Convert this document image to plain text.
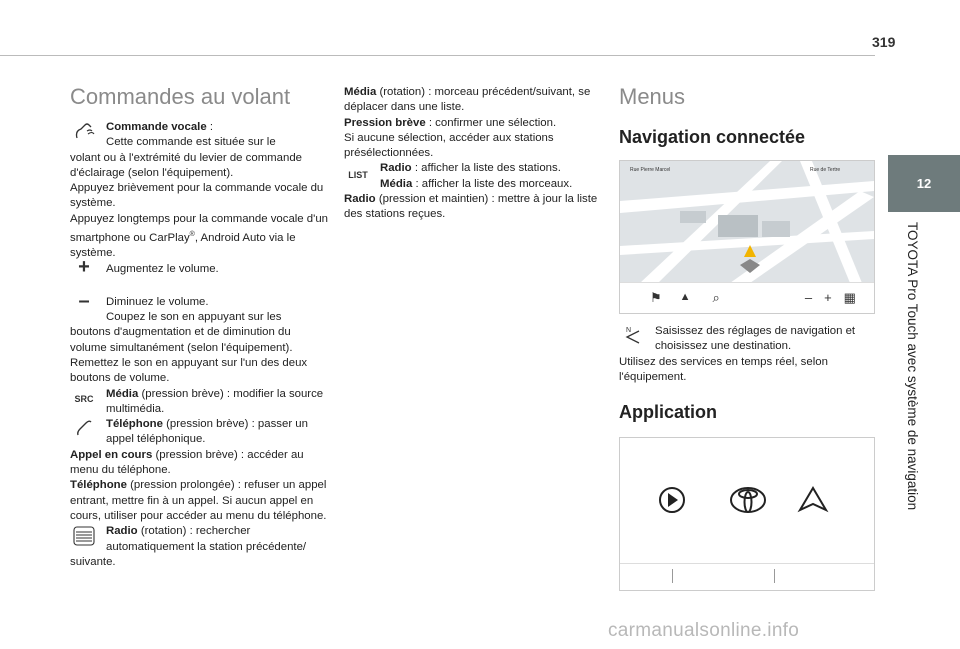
319
12
TOYOTA Pro Touch avec système de navigation
Commandes au volant

Commande vocale :

Cette commande est située sur le

volant ou à l'extrémité du levier de commande d'éclairage (selon l'équipement).

Appuyez brièvement pour la commande vocale du système.

Appuyez longtemps pour la commande vocale d'un smartphone ou CarPlay®, Android Auto via le système.

+	Augmentez le volume.

–	Diminuez le volume.

Coupez le son en appuyant sur les

boutons d'augmentation et de diminution du volume simultanément (selon l'équipement).

Remettez le son en appuyant sur l'un des deux boutons de volume.

SRC	Média (pression brève) : modifier la source multimédia.

Téléphone (pression brève) : passer un appel téléphonique.

Appel en cours (pression brève) : accéder au menu du téléphone.

Téléphone (pression prolongée) : refuser un appel entrant, mettre fin à un appel. Si aucun appel en cours, utiliser pour accéder au menu du téléphone.

Radio (rotation) : rechercher automatiquement la station précédente/

suivante.

Média (rotation) : morceau précédent/suivant, se déplacer dans une liste.

Pression brève : confirmer une sélection.

Si aucune sélection, accéder aux stations présélectionnées.

LIST

Radio : afficher la liste des stations.

Média : afficher la liste des morceaux.

Radio (pression et maintien) : mettre à jour la liste des stations reçues.

Menus
Navigation connectée
Rue Pierre Marcel	Rue de Tertre
⚑ ▲ ⌕	– + ▦
N Saisissez des réglages de navigation et choisissez une destination.

Utilisez des services en temps réel, selon l'équipement.

Application
carmanualsonline.info
